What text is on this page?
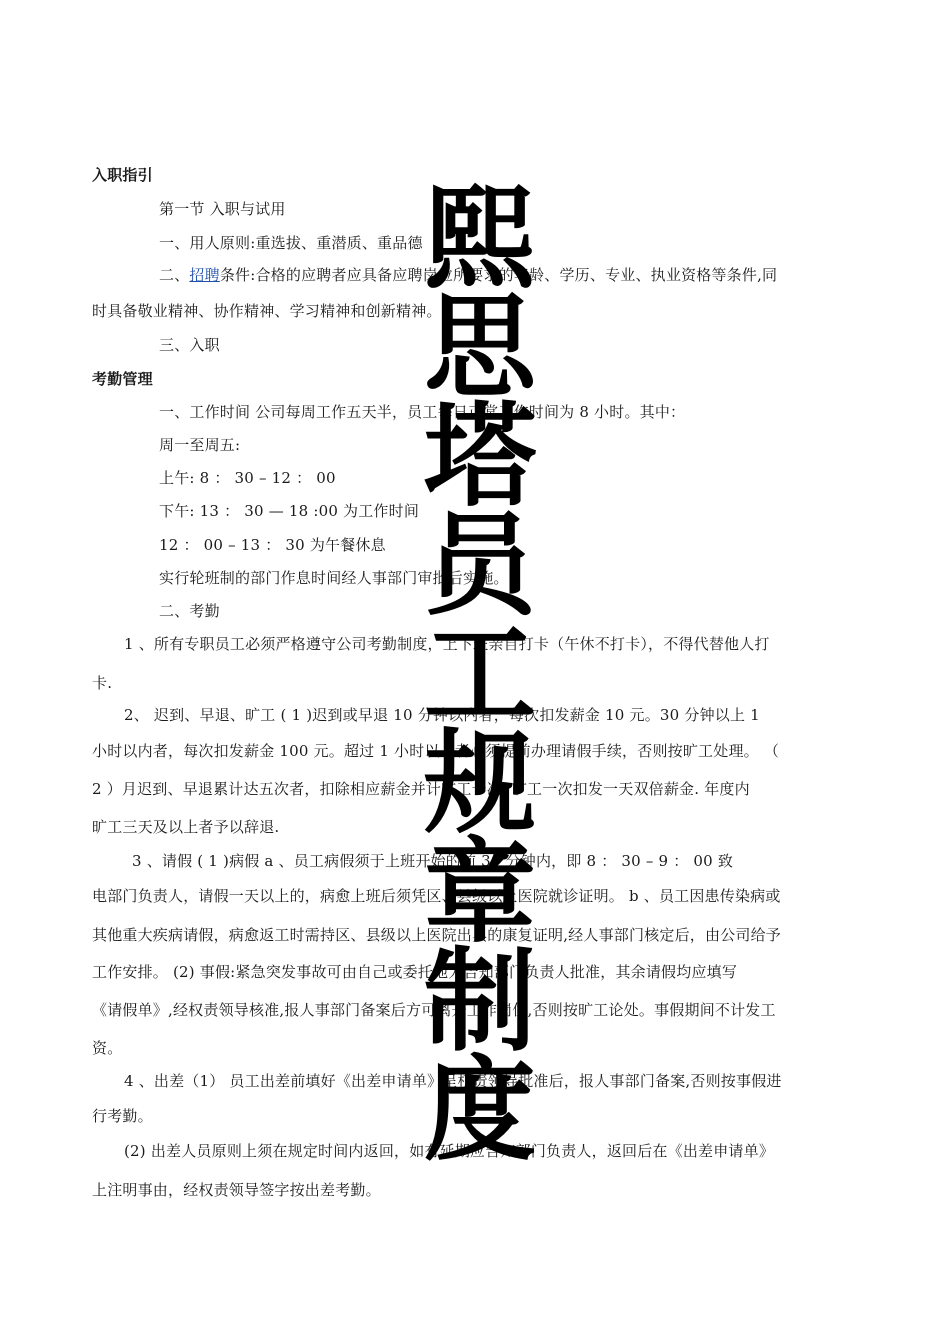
入职指引
第一节 入职与试用
一、用人原则:重选拔、重潜质、重品德
二、招聘条件:合格的应聘者应具备应聘岗位所要求的年龄、学历、专业、执业资格等条件,同
时具备敬业精神、协作精神、学习精神和创新精神。
三、入职
考勤管理
一、工作时间 公司每周工作五天半，员工每日正常工作时间为 8 小时。其中：
周一至周五:
上午: 8 ： 30 – 12 ： 00
下午: 13 ： 30 — 18 :00 为工作时间
12 ： 00 – 13 ： 30 为午餐休息
实行轮班制的部门作息时间经人事部门审批后实施。
二、考勤
1 、所有专职员工必须严格遵守公司考勤制度，上下班亲自打卡（午休不打卡），不得代替他人打
卡.
2、 迟到、早退、旷工 ( 1 )迟到或早退 10 分钟以内者，每次扣发薪金 10 元。30 分钟以上 1
小时以内者，每次扣发薪金 100 元。超过 1 小时以上者必须提前办理请假手续，否则按旷工处理。 （
2 ）月迟到、早退累计达五次者，扣除相应薪金并计旷工一次. 旷工一次扣发一天双倍薪金. 年度内
旷工三天及以上者予以辞退.
3 、请假 ( 1 )病假 a 、员工病假须于上班开始的前 30 分钟内，即 8 ： 30 – 9 ： 00 致
电部门负责人，请假一天以上的，病愈上班后须凭区、县级以上医院就诊证明。 b 、员工因患传染病或
其他重大疾病请假，病愈返工时需持区、县级以上医院出具的康复证明,经人事部门核定后，由公司给予
工作安排。 (2) 事假:紧急突发事故可由自己或委托他人告知部门负责人批准，其余请假均应填写
《请假单》,经权责领导核准,报人事部门备案后方可离开工作岗位,否则按旷工论处。事假期间不计发工
资。
4 、出差（1） 员工出差前填好《出差申请单》呈权责领导批准后，报人事部门备案,否则按事假进
行考勤。
(2) 出差人员原则上须在规定时间内返回，如有延期应告知部门负责人，返回后在《出差申请单》
上注明事由，经权责领导签字按出差考勤。
熙
思
塔
员
工
规
章
制
度
